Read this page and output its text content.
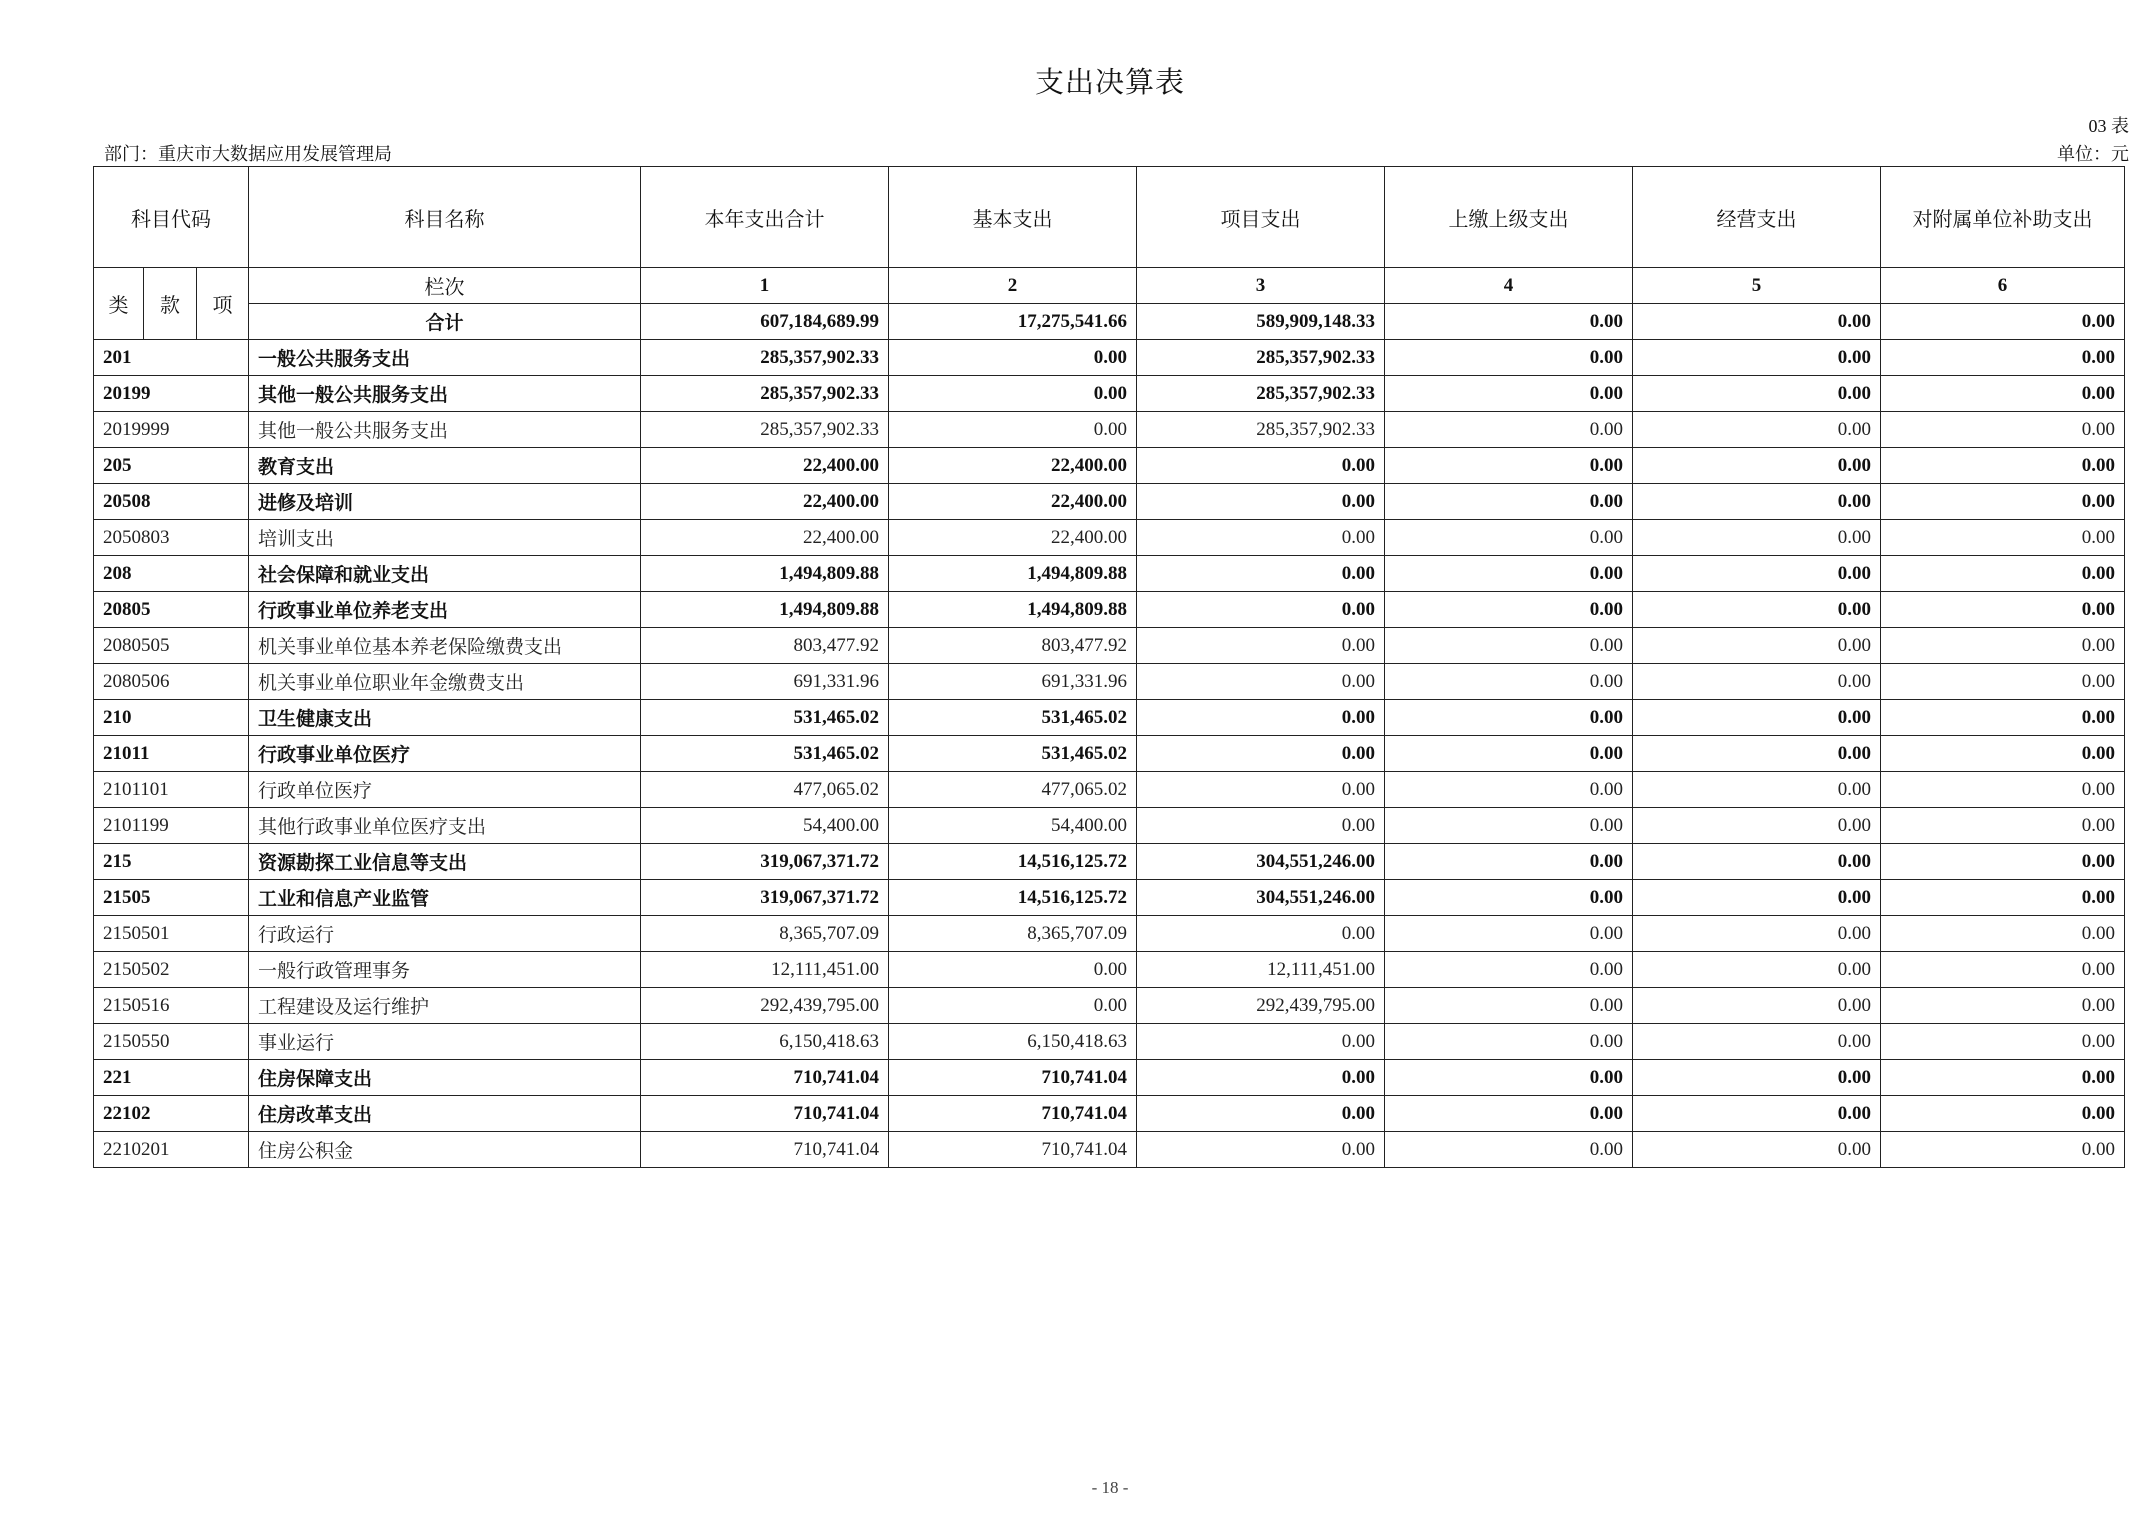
支出决算表
03 表
部门：重庆市大数据应用发展管理局	单位：元
科目代码			科目名称	本年支出合计	基本支出	项目支出	上缴上级支出	经营支出	对附属单位补助支出
类	款	项	栏次	1	2	3	4	5	6
			合计	607,184,689.99	17,275,541.66	589,909,148.33	0.00	0.00	0.00
201			一般公共服务支出	285,357,902.33	0.00	285,357,902.33	0.00	0.00	0.00
20199			其他一般公共服务支出	285,357,902.33	0.00	285,357,902.33	0.00	0.00	0.00
2019999			其他一般公共服务支出	285,357,902.33	0.00	285,357,902.33	0.00	0.00	0.00
205			教育支出	22,400.00	22,400.00	0.00	0.00	0.00	0.00
20508			进修及培训	22,400.00	22,400.00	0.00	0.00	0.00	0.00
2050803			培训支出	22,400.00	22,400.00	0.00	0.00	0.00	0.00
208			社会保障和就业支出	1,494,809.88	1,494,809.88	0.00	0.00	0.00	0.00
20805			行政事业单位养老支出	1,494,809.88	1,494,809.88	0.00	0.00	0.00	0.00
2080505			机关事业单位基本养老保险缴费支出	803,477.92	803,477.92	0.00	0.00	0.00	0.00
2080506			机关事业单位职业年金缴费支出	691,331.96	691,331.96	0.00	0.00	0.00	0.00
210			卫生健康支出	531,465.02	531,465.02	0.00	0.00	0.00	0.00
21011			行政事业单位医疗	531,465.02	531,465.02	0.00	0.00	0.00	0.00
2101101			行政单位医疗	477,065.02	477,065.02	0.00	0.00	0.00	0.00
2101199			其他行政事业单位医疗支出	54,400.00	54,400.00	0.00	0.00	0.00	0.00
215			资源勘探工业信息等支出	319,067,371.72	14,516,125.72	304,551,246.00	0.00	0.00	0.00
21505			工业和信息产业监管	319,067,371.72	14,516,125.72	304,551,246.00	0.00	0.00	0.00
2150501			行政运行	8,365,707.09	8,365,707.09	0.00	0.00	0.00	0.00
2150502			一般行政管理事务	12,111,451.00	0.00	12,111,451.00	0.00	0.00	0.00
2150516			工程建设及运行维护	292,439,795.00	0.00	292,439,795.00	0.00	0.00	0.00
2150550			事业运行	6,150,418.63	6,150,418.63	0.00	0.00	0.00	0.00
221			住房保障支出	710,741.04	710,741.04	0.00	0.00	0.00	0.00
22102			住房改革支出	710,741.04	710,741.04	0.00	0.00	0.00	0.00
2210201			住房公积金	710,741.04	710,741.04	0.00	0.00	0.00	0.00
- 18 -
